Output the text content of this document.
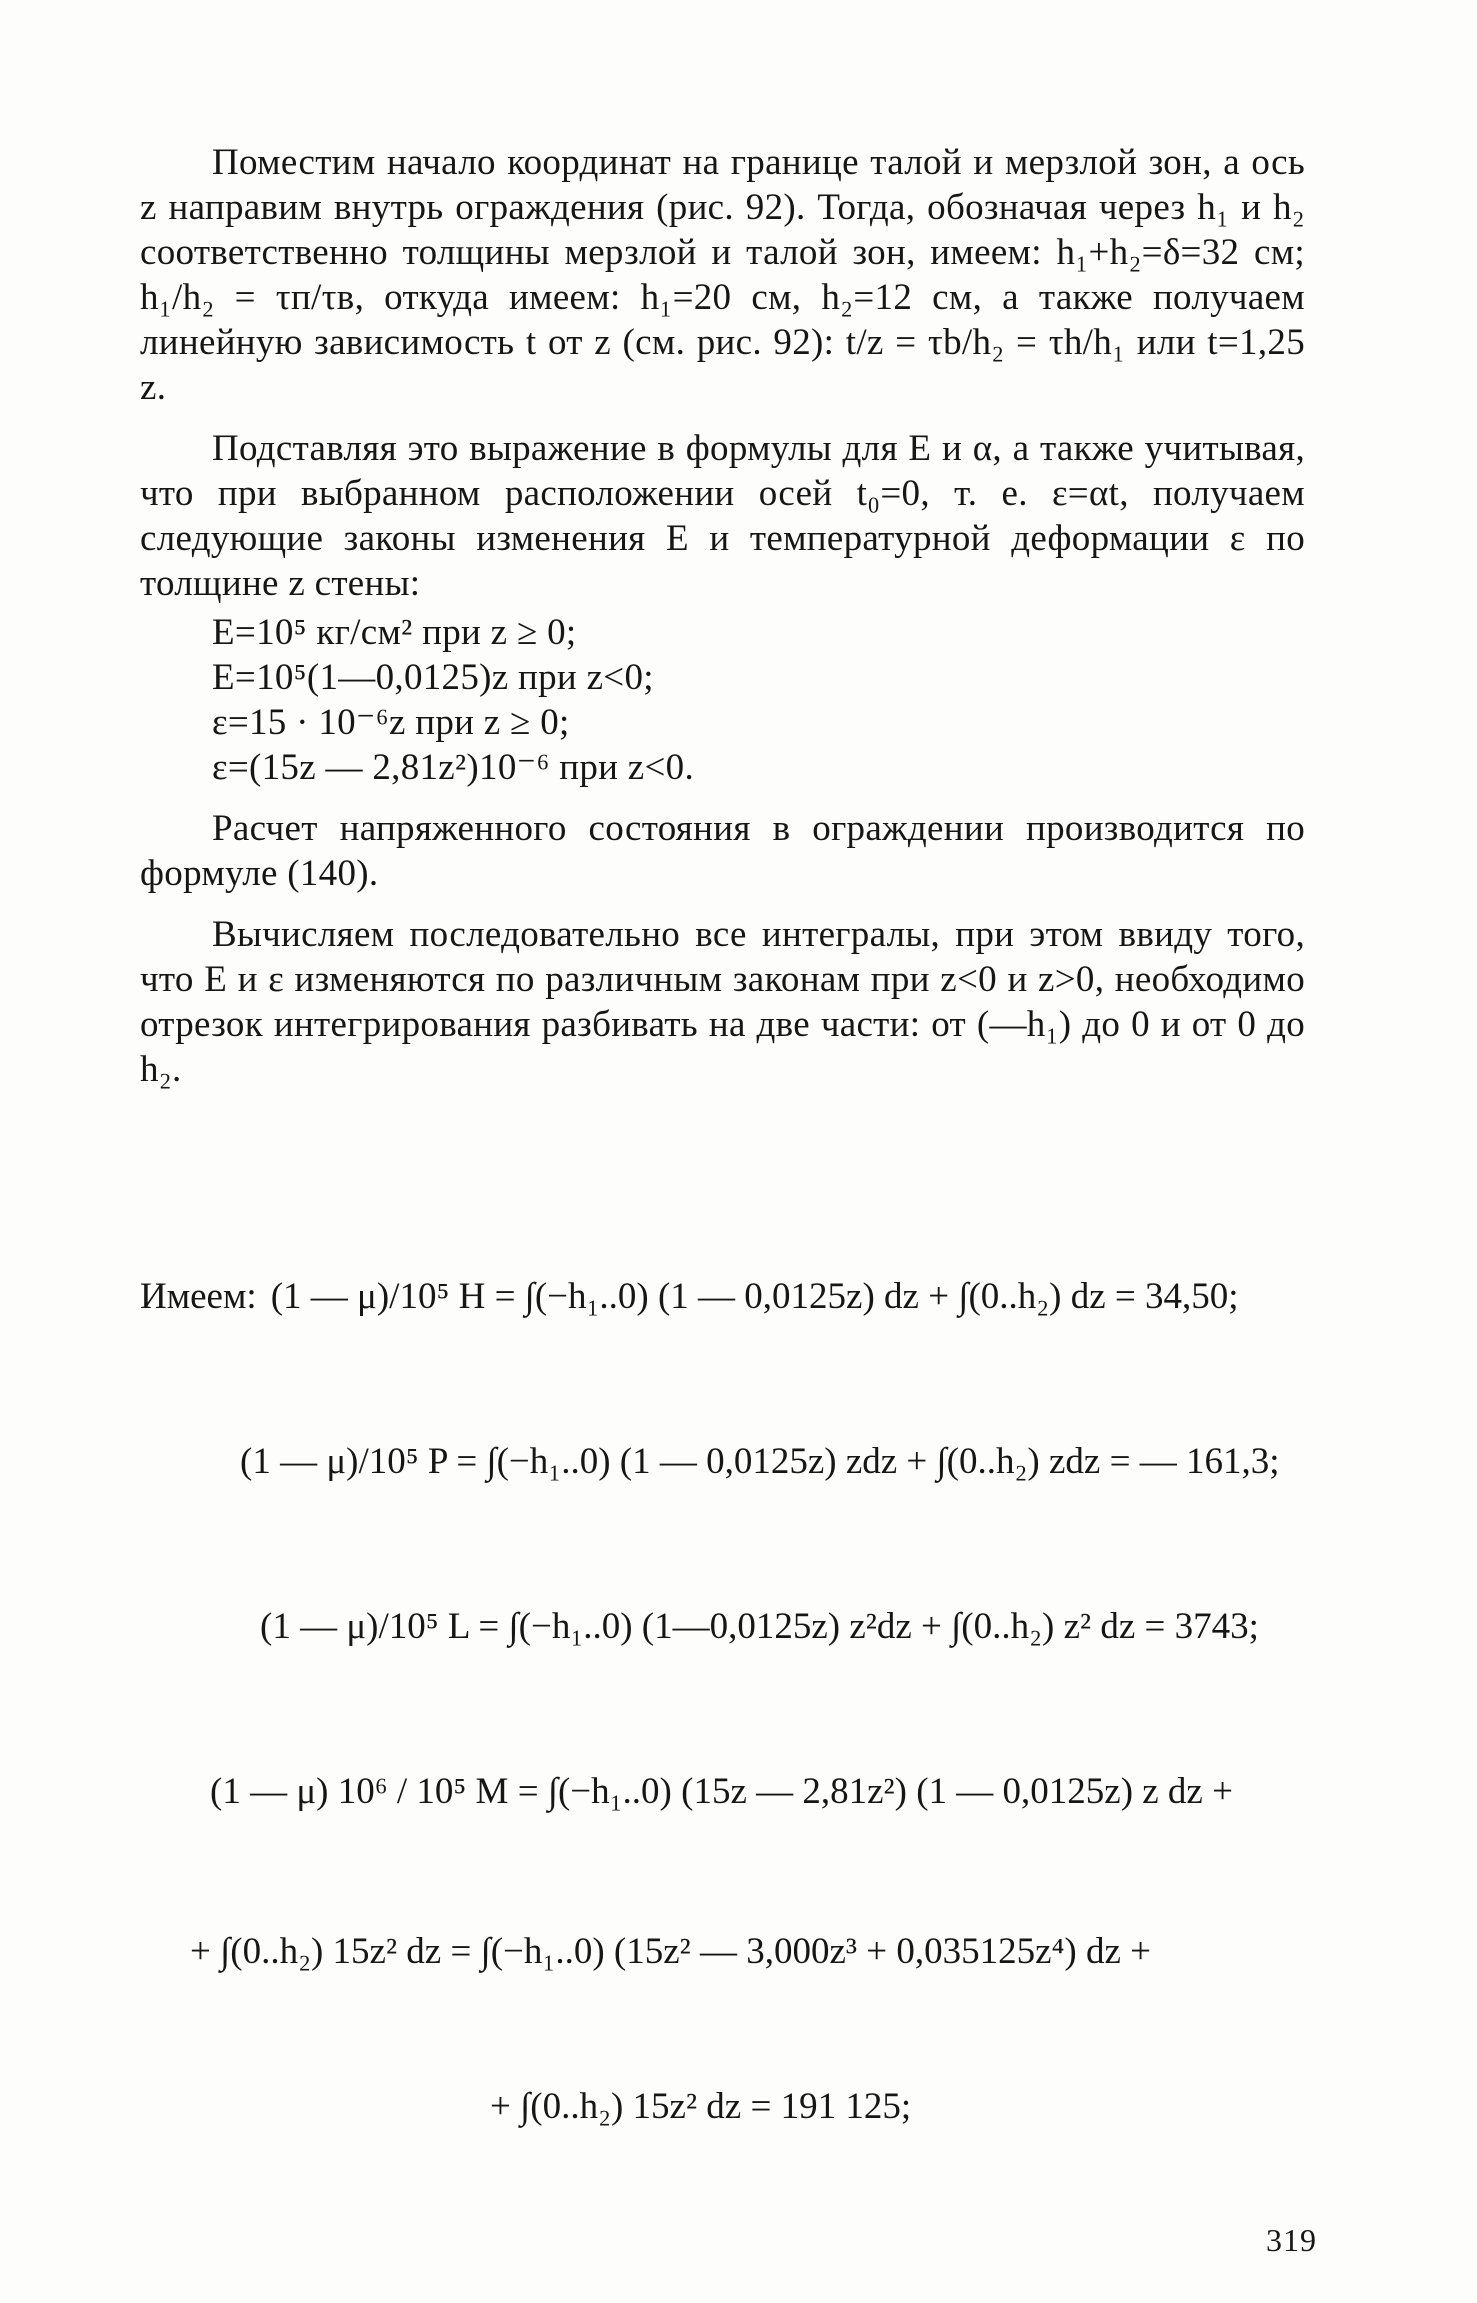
Поместим начало координат на границе талой и мерзлой зон, а ось z направим внутрь ограждения (рис. 92). Тогда, обозначая через h₁ и h₂ соответственно толщины мерзлой и талой зон, имеем: h₁+h₂=δ=32 см; h₁/h₂ = τп/τв, откуда имеем: h₁=20 см, h₂=12 см, а также получаем линейную зависимость t от z (см. рис. 92): t/z = τb/h₂ = τh/h₁ или t=1,25 z.

Подставляя это выражение в формулы для E и α, а также учитывая, что при выбранном расположении осей t₀=0, т. е. ε=αt, получаем следующие законы изменения E и температурной деформации ε по толщине z стены:

E=10⁵ кг/см² при z ≥ 0;
E=10⁵(1—0,0125)z при z<0;
ε=15 · 10⁻⁶z при z ≥ 0;
ε=(15z — 2,81z²)10⁻⁶ при z<0.

Расчет напряженного состояния в ограждении производится по формуле (140).

Вычисляем последовательно все интегралы, при этом ввиду того, что E и ε изменяются по различным законам при z<0 и z>0, необходимо отрезок интегрирования разбивать на две части: от (—h₁) до 0 и от 0 до h₂.

Имеем: (1 — μ)/10⁵ H = ∫(−h₁..0) (1 — 0,0125z) dz + ∫(0..h₂) dz = 34,50;
(1 — μ)/10⁵ P = ∫(−h₁..0) (1 — 0,0125z) zdz + ∫(0..h₂) zdz = — 161,3;
(1 — μ)/10⁵ L = ∫(−h₁..0) (1—0,0125z) z²dz + ∫(0..h₂) z² dz = 3743;
(1 — μ) 10⁶ / 10⁵ M = ∫(−h₁..0) (15z — 2,81z²) (1 — 0,0125z) z dz +
+ ∫(0..h₂) 15z² dz = ∫(−h₁..0) (15z² — 3,000z³ + 0,035125z⁴) dz +
+ ∫(0..h₂) 15z² dz = 191 125;
319
